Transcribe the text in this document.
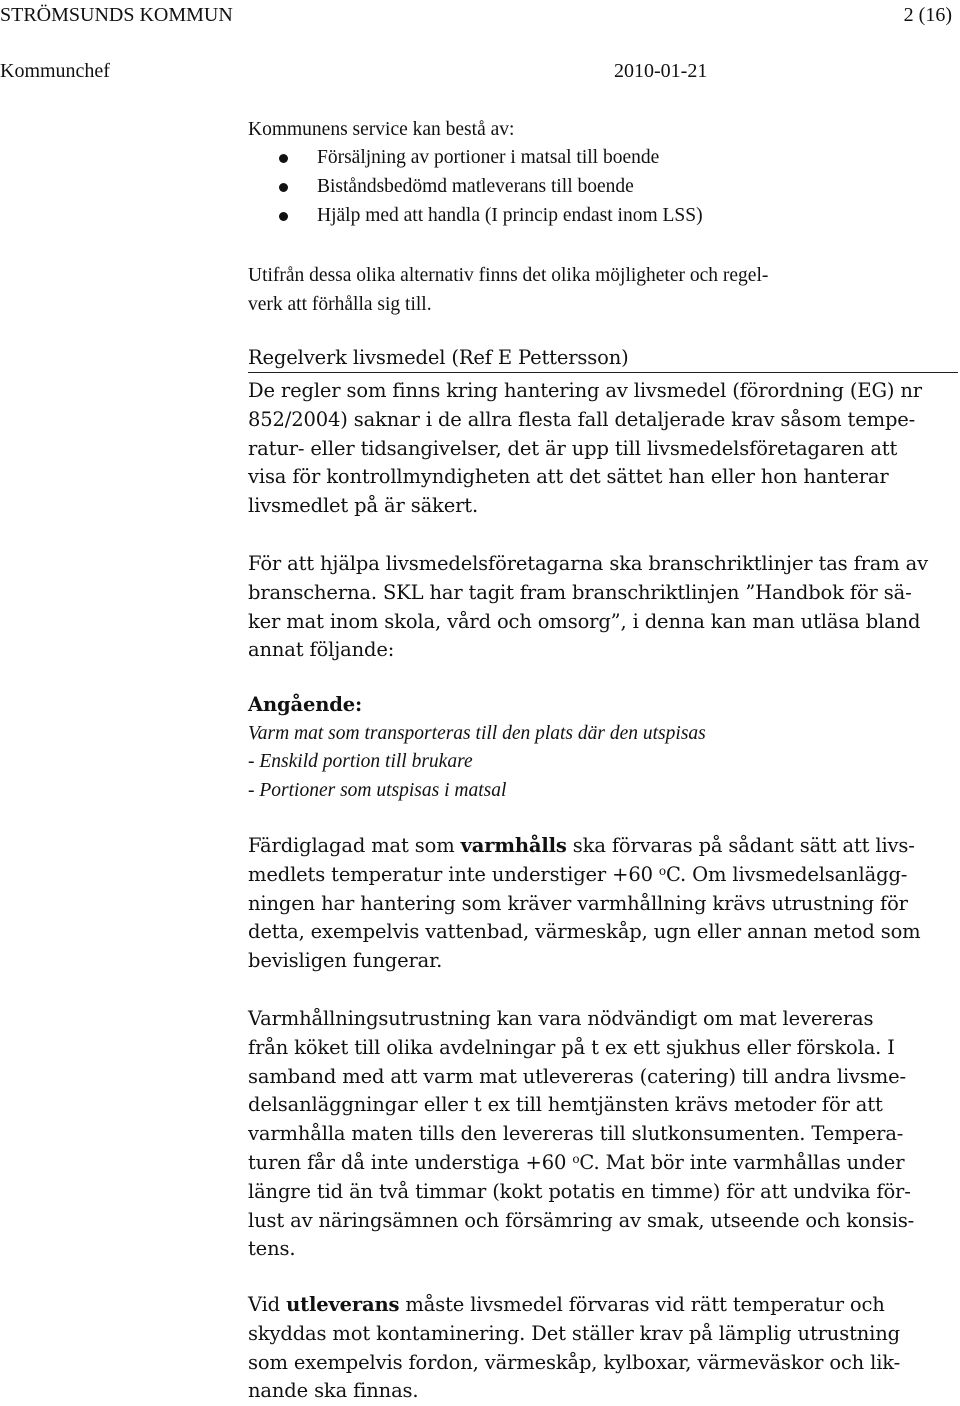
STRÖMSUNDS KOMMUN	2 (16)
Kommunchef	2010-01-21
Kommunens service kan bestå av:
Försäljning av portioner i matsal till boende
Biståndsbedömd matleverans till boende
Hjälp med att handla (I princip endast inom LSS)
Utifrån dessa olika alternativ finns det olika möjligheter och regel-
verk att förhålla sig till.
Regelverk livsmedel (Ref E Pettersson)
De regler som finns kring hantering av livsmedel (förordning (EG) nr
852/2004) saknar i de allra flesta fall detaljerade krav såsom tempe-
ratur- eller tidsangivelser, det är upp till livsmedelsföretagaren att
visa för kontrollmyndigheten att det sättet han eller hon hanterar
livsmedlet på är säkert.
För att hjälpa livsmedelsföretagarna ska branschriktlinjer tas fram av
branscherna. SKL har tagit fram branschriktlinjen ”Handbok för sä-
ker mat inom skola, vård och omsorg”, i denna kan man utläsa bland
annat följande:
Angående:
Varm mat som transporteras till den plats där den utspisas
- Enskild portion till brukare
- Portioner som utspisas i matsal
Färdiglagad mat som varmhålls ska förvaras på sådant sätt att livs-
medlets temperatur inte understiger +60 $^o$C. Om livsmedelsanlägg-
ningen har hantering som kräver varmhållning krävs utrustning för
detta, exempelvis vattenbad, värmeskåp, ugn eller annan metod som
bevisligen fungerar.
Varmhållningsutrustning kan vara nödvändigt om mat levereras
från köket till olika avdelningar på t ex ett sjukhus eller förskola. I
samband med att varm mat utlevereras (catering) till andra livsme-
delsanläggningar eller t ex till hemtjänsten krävs metoder för att
varmhålla maten tills den levereras till slutkonsumenten. Tempera-
turen får då inte understiga +60 $^o$C. Mat bör inte varmhållas under
längre tid än två timmar (kokt potatis en timme) för att undvika för-
lust av näringsämnen och försämring av smak, utseende och konsis-
tens.
Vid utleverans måste livsmedel förvaras vid rätt temperatur och
skyddas mot kontaminering. Det ställer krav på lämplig utrustning
som exempelvis fordon, värmeskåp, kylboxar, värmeväskor och lik-
nande ska finnas.
